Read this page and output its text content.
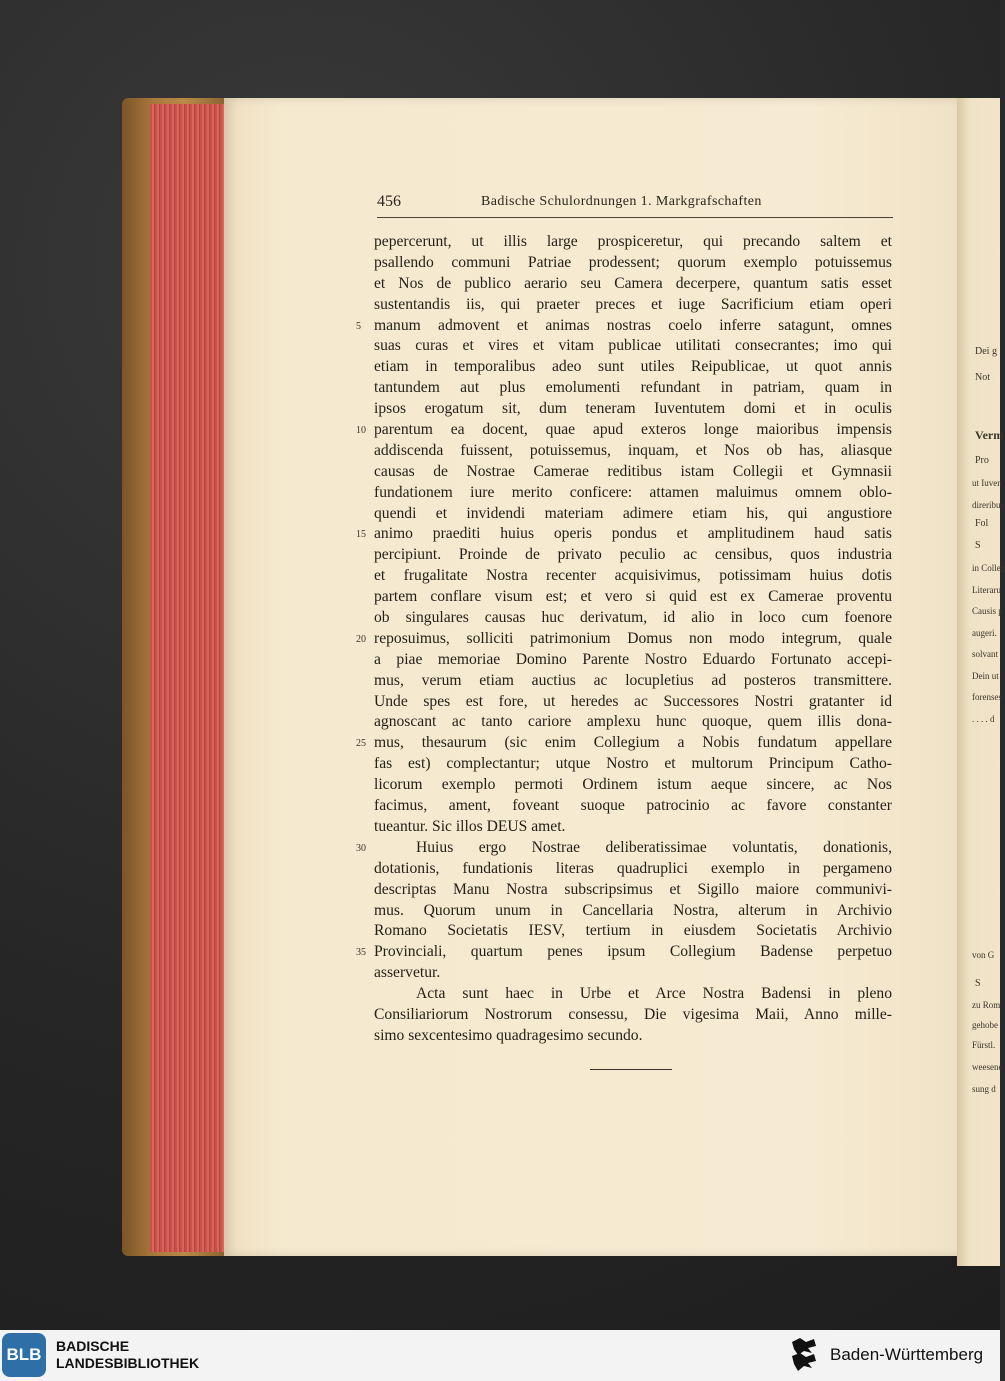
Dei g
Not
Verm
Pro
ut Iuven
direribus
Fol
S
in Colleg
Literaru
Causis p
augeri.
solvant
Dein ut
forenses
. . . . d
von G
S
zu Rom
gehobe
Fürstl.
weesene
sung d
456	Badische Schulordnungen 1. Markgrafschaften
pepercerunt, ut illis large prospiceretur, qui precando saltem et
psallendo communi Patriae prodessent; quorum exemplo potuissemus
et Nos de publico aerario seu Camera decerpere, quantum satis esset
sustentandis iis, qui praeter preces et iuge Sacrificium etiam operi
5 manum admovent et animas nostras coelo inferre satagunt, omnes
suas curas et vires et vitam publicae utilitati consecrantes; imo qui
etiam in temporalibus adeo sunt utiles Reipublicae, ut quot annis
tantundem aut plus emolumenti refundant in patriam, quam in
ipsos erogatum sit, dum teneram Iuventutem domi et in oculis
10 parentum ea docent, quae apud exteros longe maioribus impensis
addiscenda fuissent, potuissemus, inquam, et Nos ob has, aliasque
causas de Nostrae Camerae reditibus istam Collegii et Gymnasii
fundationem iure merito conficere: attamen maluimus omnem oblo-
quendi et invidendi materiam adimere etiam his, qui angustiore
15 animo praediti huius operis pondus et amplitudinem haud satis
percipiunt. Proinde de privato peculio ac censibus, quos industria
et frugalitate Nostra recenter acquisivimus, potissimam huius dotis
partem conflare visum est; et vero si quid est ex Camerae proventu
ob singulares causas huc derivatum, id alio in loco cum foenore
20 reposuimus, solliciti patrimonium Domus non modo integrum, quale
a piae memoriae Domino Parente Nostro Eduardo Fortunato accepi-
mus, verum etiam auctius ac locupletius ad posteros transmittere.
Unde spes est fore, ut heredes ac Successores Nostri gratanter id
agnoscant ac tanto cariore amplexu hunc quoque, quem illis dona-
25 mus, thesaurum (sic enim Collegium a Nobis fundatum appellare
fas est) complectantur; utque Nostro et multorum Principum Catho-
licorum exemplo permoti Ordinem istum aeque sincere, ac Nos
facimus, ament, foveant suoque patrocinio ac favore constanter
tueantur. Sic illos DEUS amet.
30	Huius ergo Nostrae deliberatissimae voluntatis, donationis,
dotationis, fundationis literas quadruplici exemplo in pergameno
descriptas Manu Nostra subscripsimus et Sigillo maiore communivi-
mus. Quorum unum in Cancellaria Nostra, alterum in Archivio
Romano Societatis IESV, tertium in eiusdem Societatis Archivio
35 Provinciali, quartum penes ipsum Collegium Badense perpetuo
asservetur.
Acta sunt haec in Urbe et Arce Nostra Badensi in pleno
Consiliariorum Nostrorum consessu, Die vigesima Maii, Anno mille-
simo sexcentesimo quadragesimo secundo.
BLB	BADISCHE
LANDESBIBLIOTHEK	Baden-Württemberg
